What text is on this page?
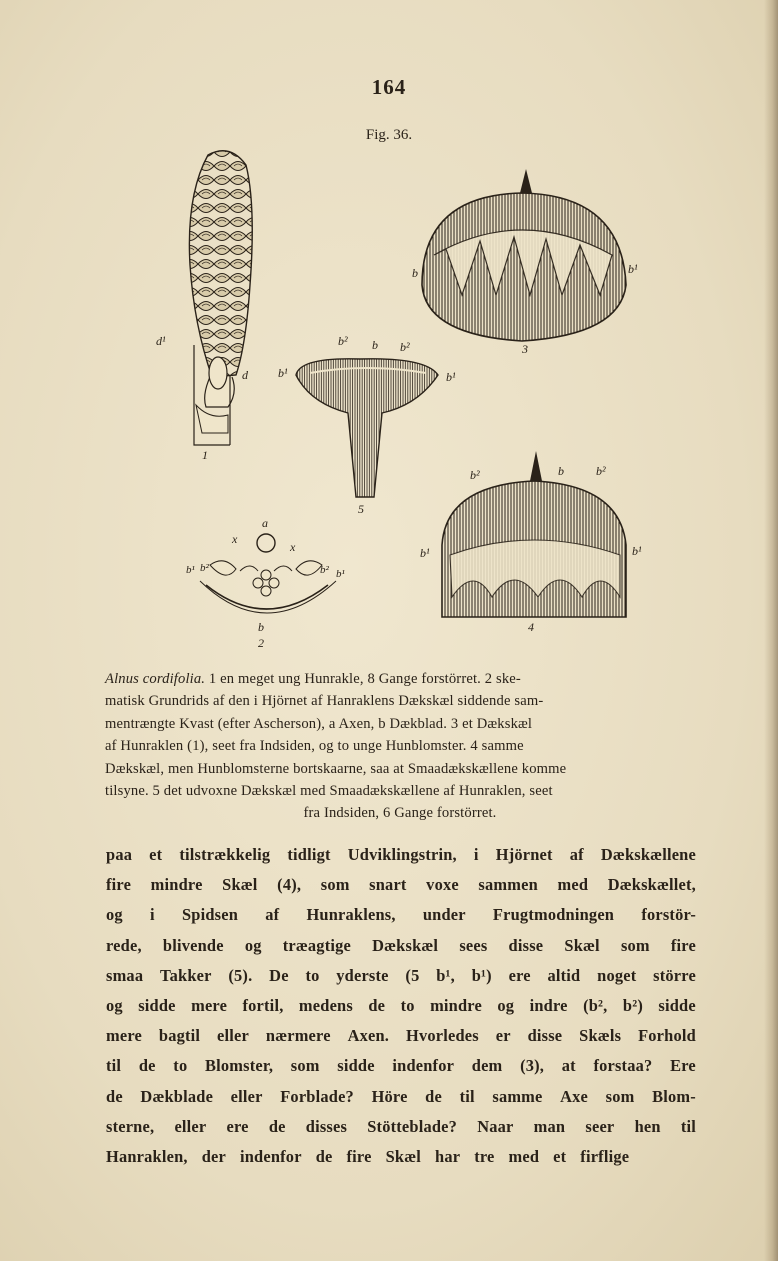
164
Fig. 36.
d¹
d
1
b	b¹
3
b² b b²
b¹	b¹
5
b²	b	b²
b¹	b¹
4
a
x
x
b¹ b²	b² b¹
b
2
Alnus cordifolia. 1 en meget ung Hunrakle, 8 Gange forstörret. 2 ske-
matisk Grundrids af den i Hjörnet af Hanraklens Dækskæl siddende sam-
mentrængte Kvast (efter Ascherson), a Axen, b Dækblad. 3 et Dækskæl
af Hunraklen (1), seet fra Indsiden, og to unge Hunblomster. 4 samme
Dækskæl, men Hunblomsterne bortskaarne, saa at Smaadækskællene komme
tilsyne. 5 det udvoxne Dækskæl med Smaadækskællene af Hunraklen, seet
fra Indsiden, 6 Gange forstörret.
paa et tilstrækkelig tidligt Udviklingstrin, i Hjörnet af Dækskællene
fire mindre Skæl (4), som snart voxe sammen med Dækskællet,
og i Spidsen af Hunraklens, under Frugtmodningen forstör-
rede, blivende og træagtige Dækskæl sees disse Skæl som fire
smaa Takker (5). De to yderste (5 b¹, b¹) ere altid noget större
og sidde mere fortil, medens de to mindre og indre (b², b²) sidde
mere bagtil eller nærmere Axen. Hvorledes er disse Skæls Forhold
til de to Blomster, som sidde indenfor dem (3), at forstaa? Ere
de Dækblade eller Forblade? Höre de til samme Axe som Blom-
sterne, eller ere de disses Stötteblade? Naar man seer hen til
Hanraklen, der indenfor de fire Skæl har tre med et firflige
